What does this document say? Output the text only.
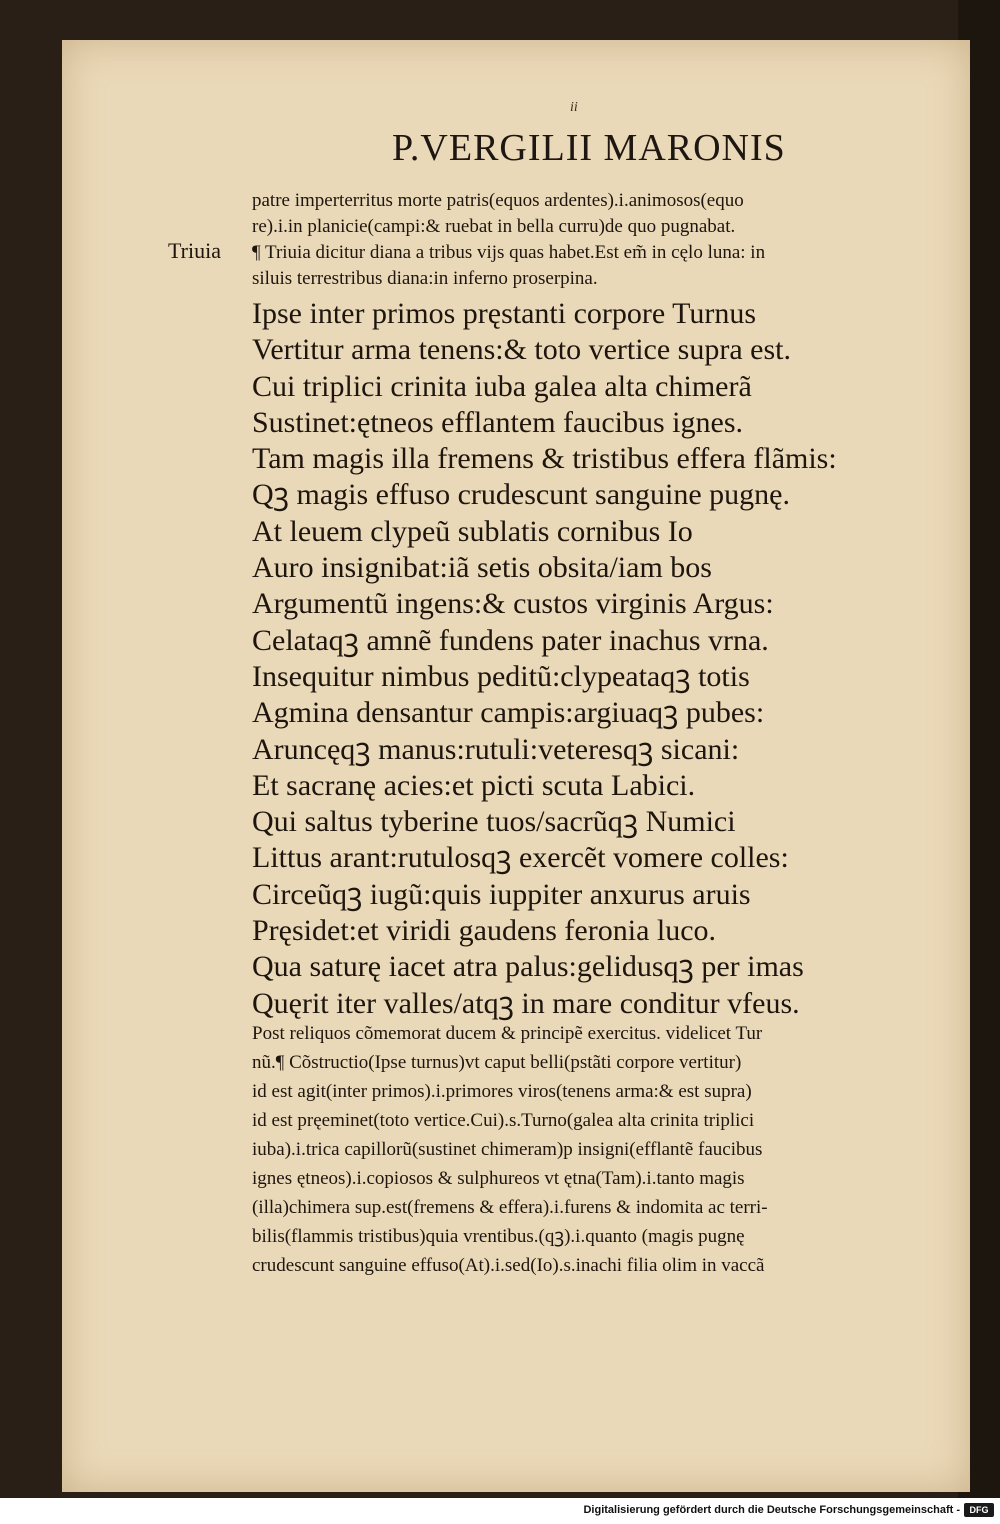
ii
P.VERGILII MARONIS
Triuia
patre imperterritus morte patris(equos ardentes).i.animosos(equo
re).i.in planicie(campi:& ruebat in bella curru)de quo pugnabat.
¶ Triuia dicitur diana a tribus vijs quas habet.Est em̃ in cęlo luna: in
siluis terrestribus diana:in inferno proserpina.
Ipse inter primos pręstanti corpore Turnus
Vertitur arma tenens:& toto vertice supra est.
Cui triplici crinita iuba galea alta chimerã
Sustinet:ętneos efflantem faucibus ignes.
Tam magis illa fremens & tristibus effera flãmis:
Qꝫ magis effuso crudescunt sanguine pugnę.
At leuem clypeũ sublatis cornibus Io
Auro insignibat:iã setis obsita/iam bos
Argumentũ ingens:& custos virginis Argus:
Celataqꝫ amnẽ fundens pater inachus vrna.
Insequitur nimbus peditũ:clypeataqꝫ totis
Agmina densantur campis:argiuaqꝫ pubes:
Aruncęqꝫ manus:rutuli:veteresqꝫ sicani:
Et sacranę acies:et picti scuta Labici.
Qui saltus tyberine tuos/sacrũqꝫ Numici
Littus arant:rutulosqꝫ exercẽt vomere colles:
Circeũqꝫ iugũ:quis iuppiter anxurus aruis
Pręsidet:et viridi gaudens feronia luco.
Qua saturę iacet atra palus:gelidusqꝫ per imas
Quęrit iter valles/atqꝫ in mare conditur vfeus.
Post reliquos cõmemorat ducem & principẽ exercitus. videlicet Tur
nũ.¶ Cõstructio(Ipse turnus)vt caput belli(pstãti corpore vertitur)
id est agit(inter primos).i.primores viros(tenens arma:& est supra)
id est pręeminet(toto vertice.Cui).s.Turno(galea alta crinita triplici
iuba).i.trica capillorũ(sustinet chimeram)p insigni(efflantẽ faucibus
ignes ętneos).i.copiosos & sulphureos vt ętna(Tam).i.tanto magis
(illa)chimera sup.est(fremens & effera).i.furens & indomita ac terri-
bilis(flammis tristibus)quia vrentibus.(qꝫ).i.quanto (magis pugnę
crudescunt sanguine effuso(At).i.sed(Io).s.inachi filia olim in vaccã
Digitalisierung gefördert durch die Deutsche Forschungsgemeinschaft -	DFG
